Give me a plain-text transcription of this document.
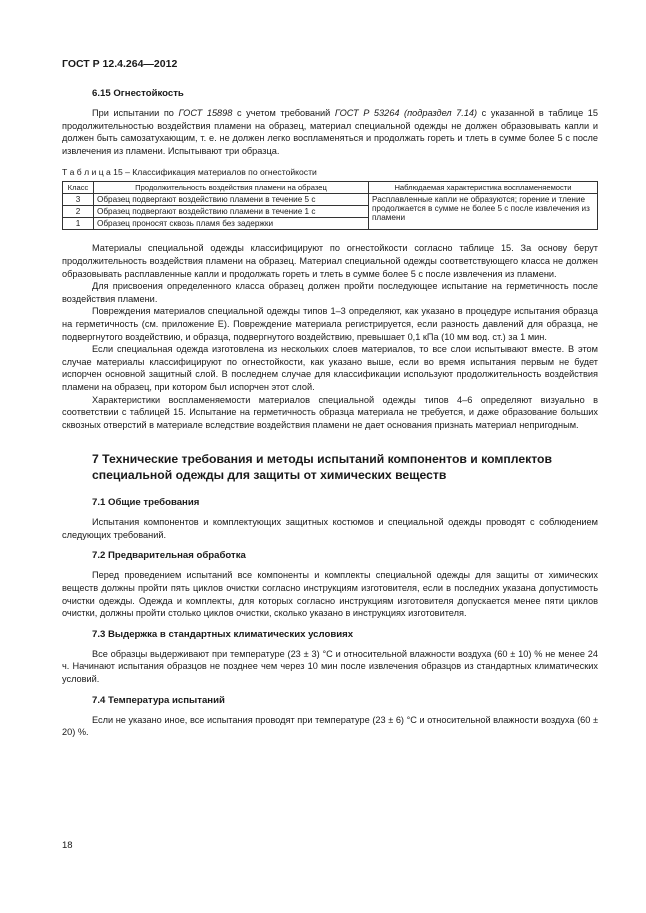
ГОСТ Р 12.4.264—2012
6.15 Огнестойкость

При испытании по ГОСТ 15898 с учетом требований ГОСТ Р 53264 (подраздел 7.14) с указанной в таблице 15 продолжительностью воздействия пламени на образец, материал специальной одежды не должен образовывать капли и должен быть самозатухающим, т. е. не должен легко воспламеняться и продолжать гореть и тлеть в сумме более 5 с после извлечения из пламени. Испытывают три образца.

Т а б л и ц а 15 – Классификация материалов по огнестойкости
Класс	Продолжительность воздействия пламени на образец	Наблюдаемая характеристика воспламеняемости
3	Образец подвергают воздействию пламени в течение 5 с	Расплавленные капли не образуются; горение и тление продолжается в сумме не более 5 с после извлечения из пламени
2	Образец подвергают воздействию пламени в течение 1 с	
1	Образец проносят сквозь пламя без задержки	

Материалы специальной одежды классифицируют по огнестойкости согласно таблице 15. За основу берут продолжительность воздействия пламени на образец. Материал специальной одежды соответствующего класса не должен образовывать расплавленные капли и продолжать гореть и тлеть в сумме более 5 с после извлечения из пламени.

Для присвоения определенного класса образец должен пройти последующее испытание на герметичность после воздействия пламени.

Повреждения материалов специальной одежды типов 1–3 определяют, как указано в процедуре испытания образца на герметичность (см. приложение Е). Повреждение материала регистрируется, если разность давлений для образца, не подвергнутого воздействию, и образца, подвергнутого воздействию, превышает 0,1 кПа (10 мм вод. ст.) за 1 мин.

Если специальная одежда изготовлена из нескольких слоев материалов, то все слои испытывают вместе. В этом случае материалы классифицируют по огнестойкости, как указано выше, если во время испытания первым не будет испорчен основной защитный слой. В последнем случае для классификации используют продолжительность воздействия пламени на образец, при котором был испорчен этот слой.

Характеристики воспламеняемости материалов специальной одежды типов 4–6 определяют визуально в соответствии с таблицей 15. Испытание на герметичность образца материала не требуется, и даже образование больших сквозных отверстий в материале вследствие воздействия пламени не дает основания признать материал непригодным.

7 Технические требования и методы испытаний компонентов и комплектов специальной одежды для защиты от химических веществ
7.1 Общие требования

Испытания компонентов и комплектующих защитных костюмов и специальной одежды проводят с соблюдением следующих требований.

7.2 Предварительная обработка

Перед проведением испытаний все компоненты и комплекты специальной одежды для защиты от химических веществ должны пройти пять циклов очистки согласно инструкциям изготовителя, если в последних указана допустимость очистки одежды. Одежда и комплекты, для которых согласно инструкциям изготовителя допускается менее пяти циклов очистки, должны пройти столько циклов очистки, сколько указано в инструкциях изготовителя.

7.3 Выдержка в стандартных климатических условиях

Все образцы выдерживают при температуре (23 ± 3) °С и относительной влажности воздуха (60 ± 10) % не менее 24 ч. Начинают испытания образцов не позднее чем через 10 мин после извлечения образцов из стандартных климатических условий.

7.4 Температура испытаний

Если не указано иное, все испытания проводят при температуре (23 ± 6) °С и относительной влажности воздуха (60 ± 20) %.

18
